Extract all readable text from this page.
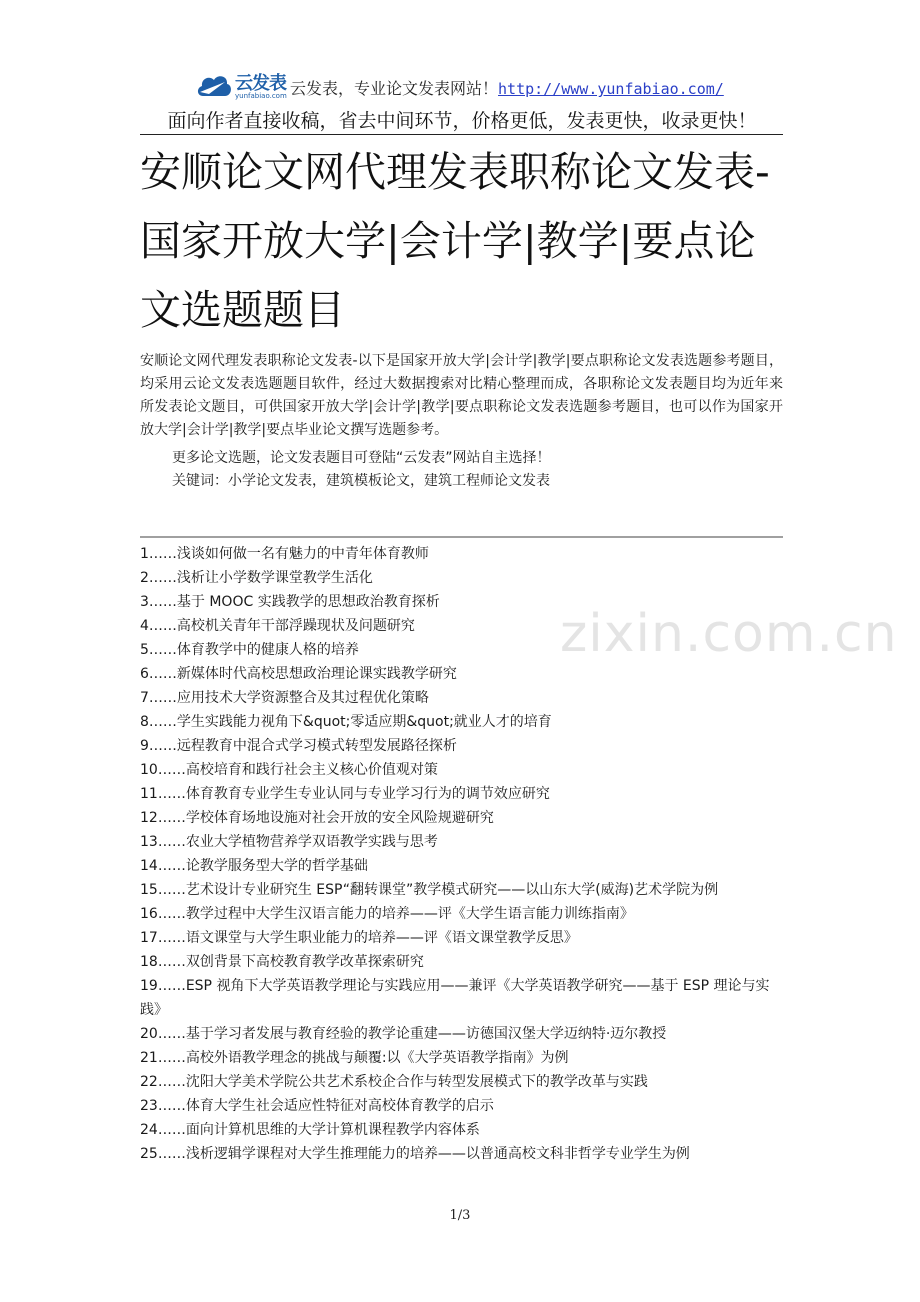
云发表
yunfabiao.com 云发表，专业论文发表网站！http://www.yunfabiao.com/
面向作者直接收稿，省去中间环节，价格更低，发表更快，收录更快！
安顺论文网代理发表职称论文发表-国家开放大学|会计学|教学|要点论文选题题目

安顺论文网代理发表职称论文发表-以下是国家开放大学|会计学|教学|要点职称论文发表选题参考题目，均采用云论文发表选题题目软件，经过大数据搜索对比精心整理而成，各职称论文发表题目均为近年来所发表论文题目，可供国家开放大学|会计学|教学|要点职称论文发表选题参考题目，也可以作为国家开放大学|会计学|教学|要点毕业论文撰写选题参考。

更多论文选题，论文发表题目可登陆“云发表”网站自主选择！
关键词：小学论文发表，建筑模板论文，建筑工程师论文发表
zixin.com.cn
1……浅谈如何做一名有魅力的中青年体育教师
2……浅析让小学数学课堂教学生活化
3……基于 MOOC 实践教学的思想政治教育探析
4……高校机关青年干部浮躁现状及问题研究
5……体育教学中的健康人格的培养
6……新媒体时代高校思想政治理论课实践教学研究
7……应用技术大学资源整合及其过程优化策略
8……学生实践能力视角下&quot;零适应期&quot;就业人才的培育
9……远程教育中混合式学习模式转型发展路径探析
10……高校培育和践行社会主义核心价值观对策
11……体育教育专业学生专业认同与专业学习行为的调节效应研究
12……学校体育场地设施对社会开放的安全风险规避研究
13……农业大学植物营养学双语教学实践与思考
14……论教学服务型大学的哲学基础
15……艺术设计专业研究生 ESP“翻转课堂”教学模式研究——以山东大学(威海)艺术学院为例
16……教学过程中大学生汉语言能力的培养——评《大学生语言能力训练指南》
17……语文课堂与大学生职业能力的培养——评《语文课堂教学反思》
18……双创背景下高校教育教学改革探索研究
19……ESP 视角下大学英语教学理论与实践应用——兼评《大学英语教学研究——基于 ESP 理论与实践》
20……基于学习者发展与教育经验的教学论重建——访德国汉堡大学迈纳特·迈尔教授
21……高校外语教学理念的挑战与颠覆:以《大学英语教学指南》为例
22……沈阳大学美术学院公共艺术系校企合作与转型发展模式下的教学改革与实践
23……体育大学生社会适应性特征对高校体育教学的启示
24……面向计算机思维的大学计算机课程教学内容体系
25……浅析逻辑学课程对大学生推理能力的培养——以普通高校文科非哲学专业学生为例
1/3
